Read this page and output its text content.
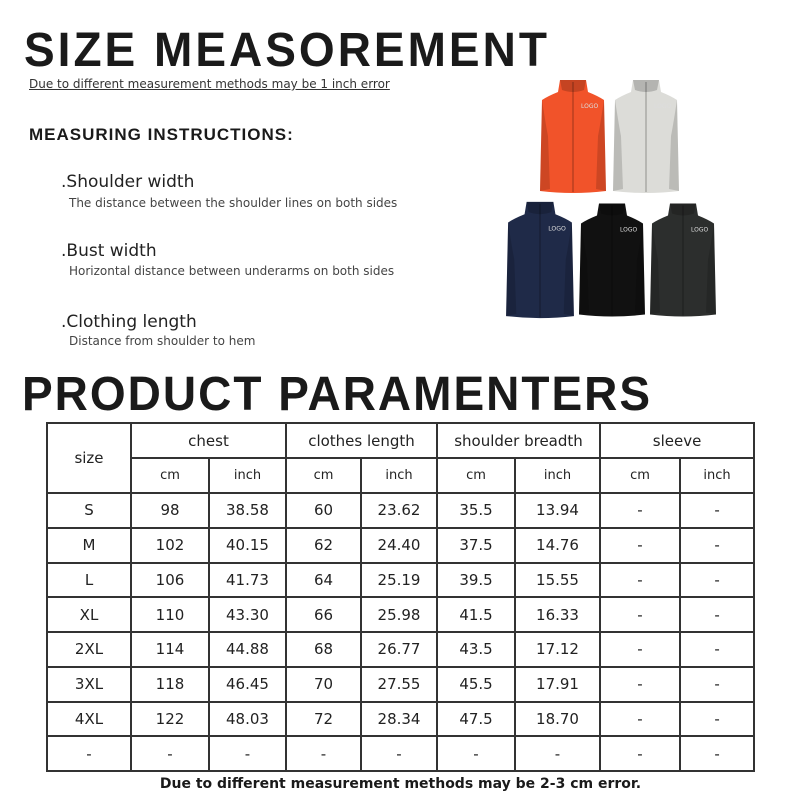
SIZE MEASOREMENT
Due to different measurement methods may be 1 inch error
MEASURING INSTRUCTIONS:
.Shoulder width
The distance between the shoulder lines on both sides
.Bust width
Horizontal distance between underarms on both sides
.Clothing length
Distance from shoulder to hem
LOGO	LOGO
LOGO	LOGO	LOGO
PRODUCT PARAMENTERS
size	chest		clothes length		shoulder breadth		sleeve	
	cm	inch	cm	inch	cm	inch	cm	inch
S	98	38.58	60	23.62	35.5	13.94	-	-
M	102	40.15	62	24.40	37.5	14.76	-	-
L	106	41.73	64	25.19	39.5	15.55	-	-
XL	110	43.30	66	25.98	41.5	16.33	-	-
2XL	114	44.88	68	26.77	43.5	17.12	-	-
3XL	118	46.45	70	27.55	45.5	17.91	-	-
4XL	122	48.03	72	28.34	47.5	18.70	-	-
-	-	-	-	-	-	-	-	-
Due to different measurement methods may be 2-3 cm error.
